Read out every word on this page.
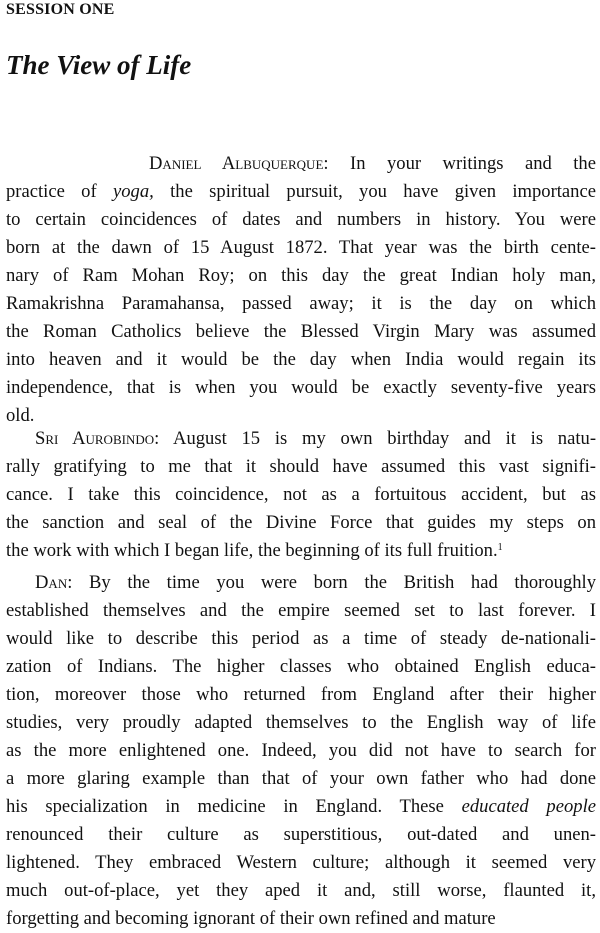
SESSION ONE
The View of Life
Daniel Albuquerque: In your writings and the
practice of yoga, the spiritual pursuit, you have given importance
to certain coincidences of dates and numbers in history. You were
born at the dawn of 15 August 1872. That year was the birth cente-
nary of Ram Mohan Roy; on this day the great Indian holy man,
Ramakrishna Paramahansa, passed away; it is the day on which
the Roman Catholics believe the Blessed Virgin Mary was assumed
into heaven and it would be the day when India would regain its
independence, that is when you would be exactly seventy-five years
old.
Sri Aurobindo: August 15 is my own birthday and it is natu-
rally gratifying to me that it should have assumed this vast signifi-
cance. I take this coincidence, not as a fortuitous accident, but as
the sanction and seal of the Divine Force that guides my steps on
the work with which I began life, the beginning of its full fruition.$^1$
Dan: By the time you were born the British had thoroughly
established themselves and the empire seemed set to last forever. I
would like to describe this period as a time of steady de-nationali-
zation of Indians. The higher classes who obtained English educa-
tion, moreover those who returned from England after their higher
studies, very proudly adapted themselves to the English way of life
as the more enlightened one. Indeed, you did not have to search for
a more glaring example than that of your own father who had done
his specialization in medicine in England. These educated people
renounced their culture as superstitious, out-dated and unen-
lightened. They embraced Western culture; although it seemed very
much out-of-place, yet they aped it and, still worse, flaunted it,
forgetting and becoming ignorant of their own refined and mature
